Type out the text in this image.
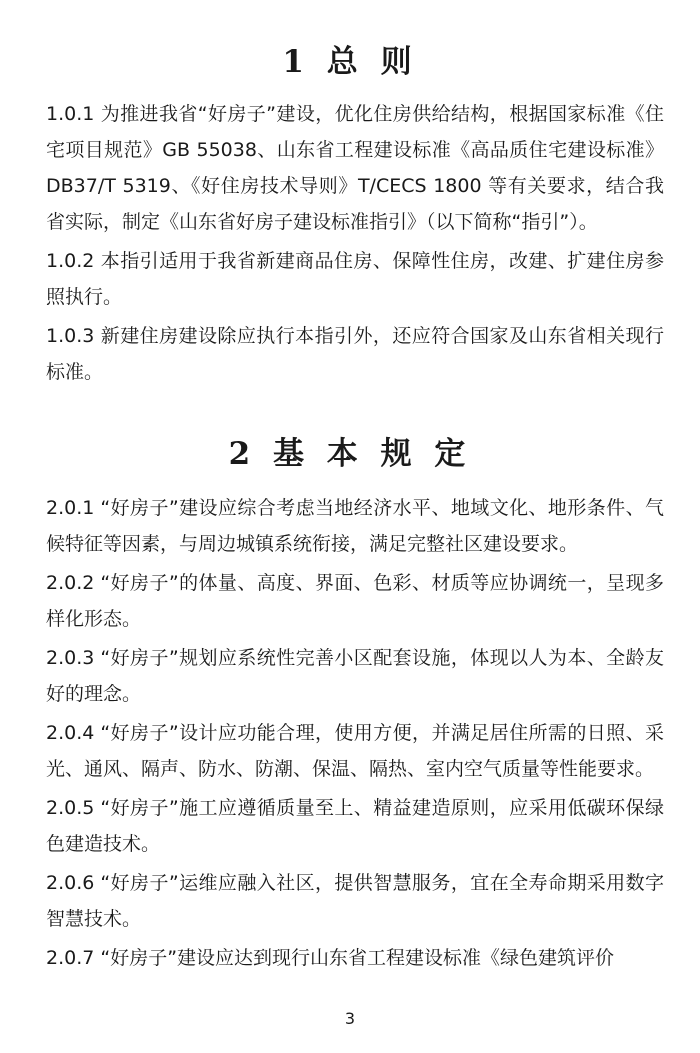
1 总 则
1.0.1 为推进我省“好房子”建设，优化住房供给结构，根据国家标准《住宅项目规范》GB 55038、山东省工程建设标准《高品质住宅建设标准》DB37/T 5319、《好住房技术导则》T/CECS 1800 等有关要求，结合我省实际，制定《山东省好房子建设标准指引》（以下简称“指引”）。
1.0.2 本指引适用于我省新建商品住房、保障性住房，改建、扩建住房参照执行。
1.0.3 新建住房建设除应执行本指引外，还应符合国家及山东省相关现行标准。
2 基 本 规 定
2.0.1 “好房子”建设应综合考虑当地经济水平、地域文化、地形条件、气候特征等因素，与周边城镇系统衔接，满足完整社区建设要求。
2.0.2 “好房子”的体量、高度、界面、色彩、材质等应协调统一，呈现多样化形态。
2.0.3 “好房子”规划应系统性完善小区配套设施，体现以人为本、全龄友好的理念。
2.0.4 “好房子”设计应功能合理，使用方便，并满足居住所需的日照、采光、通风、隔声、防水、防潮、保温、隔热、室内空气质量等性能要求。
2.0.5 “好房子”施工应遵循质量至上、精益建造原则，应采用低碳环保绿色建造技术。
2.0.6 “好房子”运维应融入社区，提供智慧服务，宜在全寿命期采用数字智慧技术。
2.0.7 “好房子”建设应达到现行山东省工程建设标准《绿色建筑评价
3
